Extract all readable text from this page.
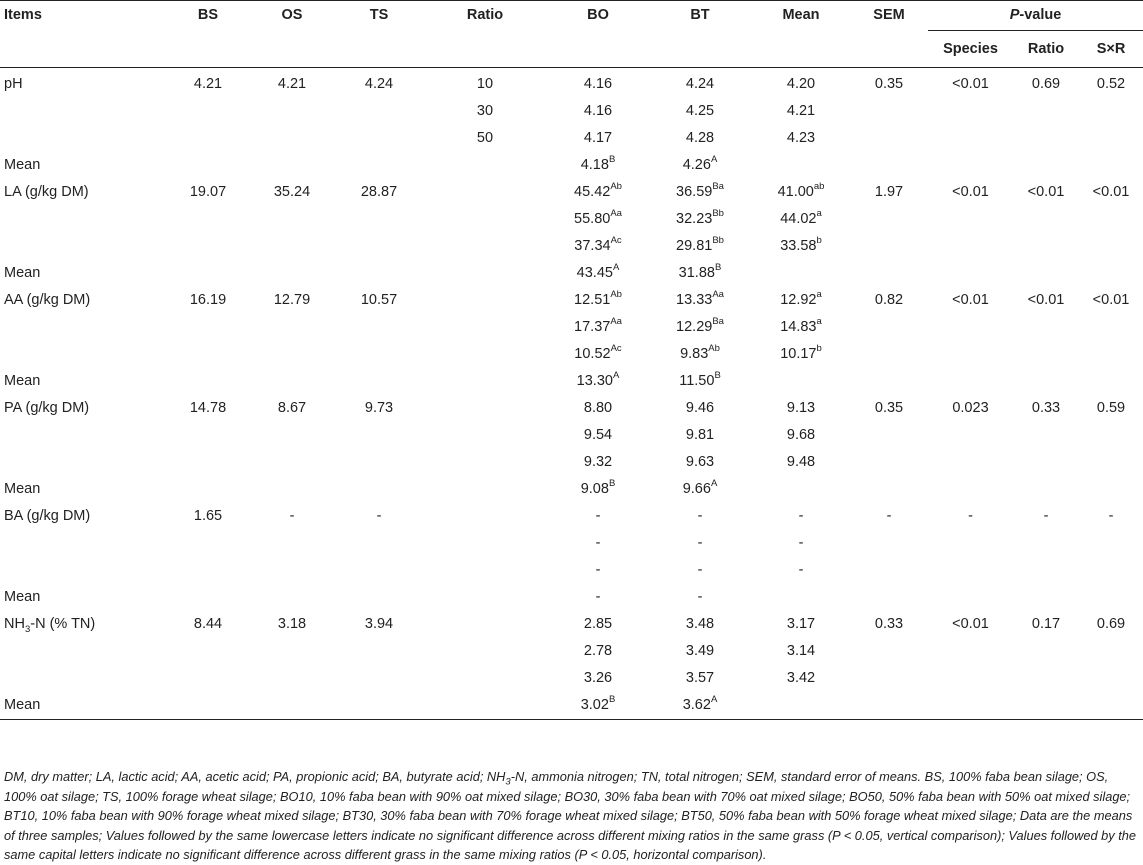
Items	BS	OS	TS	Ratio	BO	BT	Mean	SEM	P-value		
									Species	Ratio	S×R
pH	4.21	4.21	4.24	10	4.16	4.24	4.20	0.35	<0.01	0.69	0.52
				30	4.16	4.25	4.21				
				50	4.17	4.28	4.23				
Mean					$4.18^B$	$4.26^A$					
LA (g/kg DM)	19.07	35.24	28.87		$45.42^{Ab}$	$36.59^{Ba}$	41.00$^{ab}$	1.97	<0.01	<0.01	<0.01
					$55.80^{Aa}$	$32.23^{Bb}$	44.02$^a$				
					$37.34^{Ac}$	$29.81^{Bb}$	33.58$^b$				
Mean					$43.45^A$	$31.88^B$					
AA (g/kg DM)	16.19	12.79	10.57		$12.51^{Ab}$	$13.33^{Aa}$	12.92$^a$	0.82	<0.01	<0.01	<0.01
					$17.37^{Aa}$	$12.29^{Ba}$	14.83$^a$				
					$10.52^{Ac}$	$9.83^{Ab}$	10.17$^b$				
Mean					$13.30^A$	$11.50^B$					
PA (g/kg DM)	14.78	8.67	9.73		8.80	9.46	9.13	0.35	0.023	0.33	0.59
					9.54	9.81	9.68				
					9.32	9.63	9.48				
Mean					$9.08^B$	$9.66^A$					
BA (g/kg DM)	1.65	-	-		-	-	-	-	-	-	-
					-	-	-				
					-	-	-				
Mean					-	-					
$NH_3-N$ (% TN)	8.44	3.18	3.94		2.85	3.48	3.17	0.33	<0.01	0.17	0.69
					2.78	3.49	3.14				
					3.26	3.57	3.42				
Mean					$3.02^B$	$3.62^A$					
DM, dry matter; LA, lactic acid; AA, acetic acid; PA, propionic acid; BA, butyrate acid; $NH_3-N$, ammonia nitrogen; TN, total nitrogen; SEM, standard error of means. BS, 100% faba bean silage; OS, 100% oat silage; TS, 100% forage wheat silage; BO10, 10% faba bean with 90% oat mixed silage; BO30, 30% faba bean with 70% oat mixed silage; BO50, 50% faba bean with 50% oat mixed silage; BT10, 10% faba bean with 90% forage wheat mixed silage; BT30, 30% faba bean with 70% forage wheat mixed silage; BT50, 50% faba bean with 50% forage wheat mixed silage; Data are the means of three samples; Values followed by the same lowercase letters indicate no significant difference across different mixing ratios in the same grass (P < 0.05, vertical comparison); Values followed by the same capital letters indicate no significant difference across different grass in the same mixing ratios (P < 0.05, horizontal comparison).
